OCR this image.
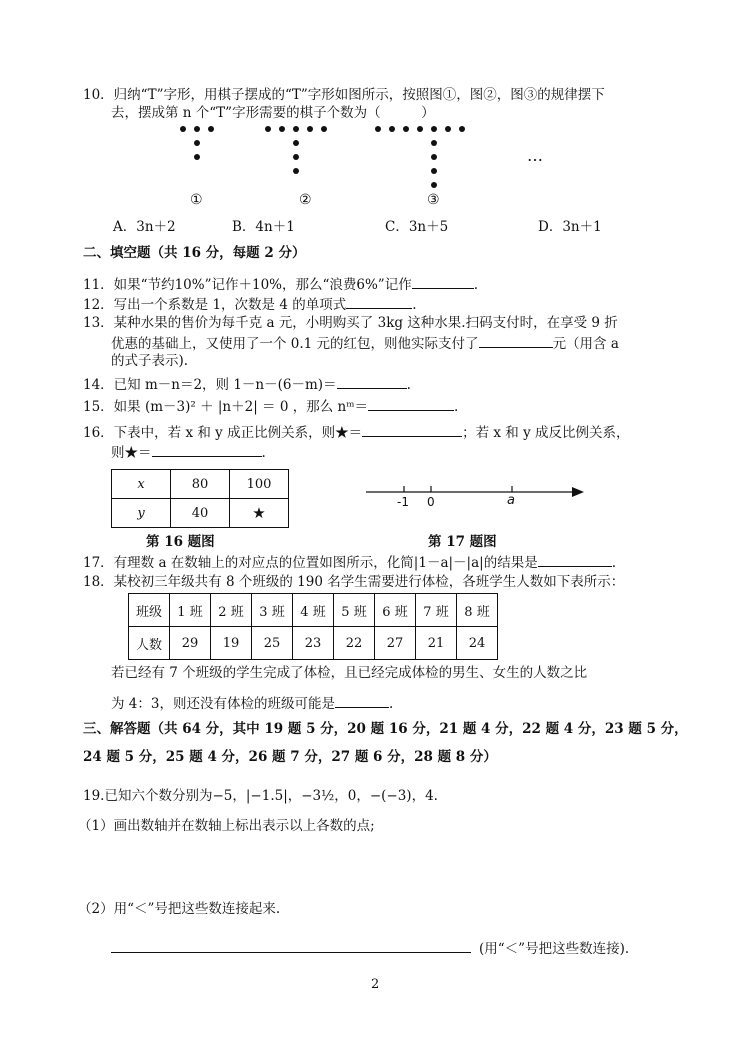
10．归纳“T”字形，用棋子摆成的“T”字形如图所示，按照图①，图②，图③的规律摆下
去，摆成第 n 个“T”字形需要的棋子个数为（　　　）
…
①	②	③
A．3n＋2	B．4n＋1	C．3n＋5	D．3n＋1
二、填空题（共 16 分，每题 2 分）
11．如果“节约10%”记作＋10%，那么“浪费6%”记作	.
12．写出一个系数是 1，次数是 4 的单项式	.
13．某种水果的售价为每千克 a 元，小明购买了 3kg 这种水果.扫码支付时，在享受 9 折
优惠的基础上，又使用了一个 0.1 元的红包，则他实际支付了	元（用含 a
的式子表示).
14．已知 m－n＝2，则 1－n－(6－m)＝	.
15．如果 (m－3)² ＋ |n＋2| ＝ 0 ，那么 nᵐ＝	.
16．下表中，若 x 和 y 成正比例关系，则★＝	；若 x 和 y 成反比例关系，
则★＝	.
x	80	100
y	40	★
第 16 题图
-1 0	a
第 17 题图
17．有理数 a 在数轴上的对应点的位置如图所示，化简|1－a|－|a|的结果是	.
18．某校初三年级共有 8 个班级的 190 名学生需要进行体检，各班学生人数如下表所示：
班级	1 班	2 班	3 班	4 班	5 班	6 班	7 班	8 班
人数	29	19	25	23	22	27	21	24
若已经有 7 个班级的学生完成了体检，且已经完成体检的男生、女生的人数之比
为 4：3，则还没有体检的班级可能是	.
三、解答题（共 64 分，其中 19 题 5 分，20 题 16 分，21 题 4 分，22 题 4 分，23 题 5 分，
24 题 5 分，25 题 4 分，26 题 7 分，27 题 6 分，28 题 8 分）
19.已知六个数分别为−5，|−1.5|，−3½，0，−(−3)，4.
（1）画出数轴并在数轴上标出表示以上各数的点;
（2）用“＜”号把这些数连接起来.
(用“＜”号把这些数连接).
2
